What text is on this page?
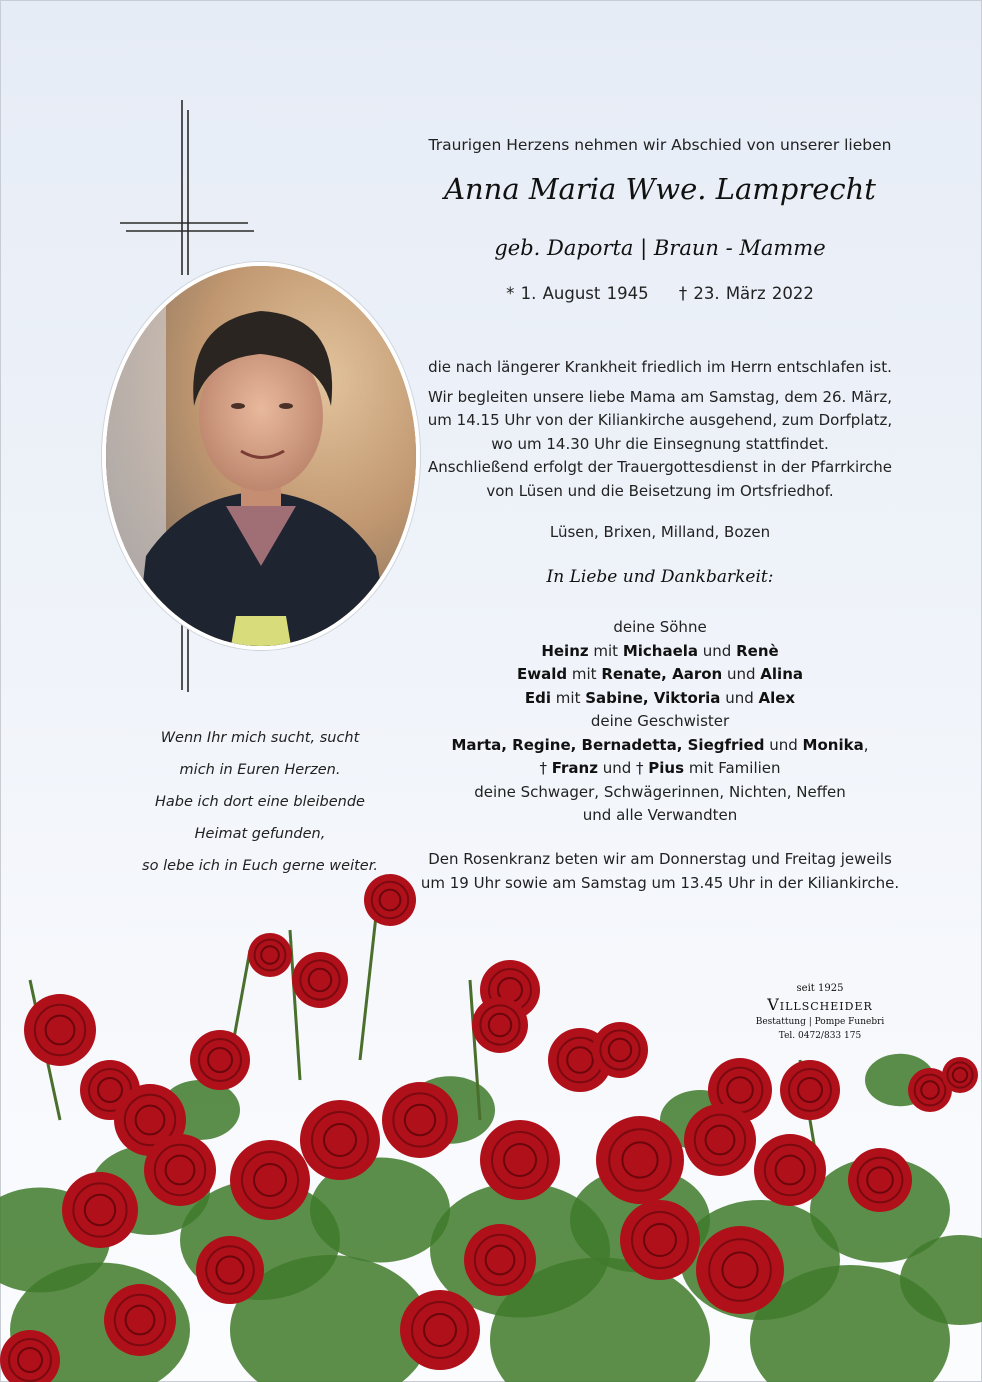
Traurigen Herzens nehmen wir Abschied von unserer lieben
Anna Maria Wwe. Lamprecht
geb. Daporta | Braun - Mamme
* 1. August 1945 † 23. März 2022

die nach längerer Krankheit friedlich im Herrn entschlafen ist.

Wir begleiten unsere liebe Mama am Samstag, dem 26. März,
um 14.15 Uhr von der Kiliankirche ausgehend, zum Dorfplatz,
wo um 14.30 Uhr die Einsegnung stattfindet.
Anschließend erfolgt der Trauergottesdienst in der Pfarrkirche
von Lüsen und die Beisetzung im Ortsfriedhof.

Lüsen, Brixen, Milland, Bozen
In Liebe und Dankbarkeit:
deine Söhne
Heinz mit Michaela und Renè
Ewald mit Renate, Aaron und Alina
Edi mit Sabine, Viktoria und Alex
deine Geschwister
Marta, Regine, Bernadetta, Siegfried und Monika,
† Franz und † Pius mit Familien
deine Schwager, Schwägerinnen, Nichten, Neffen
und alle Verwandten
Den Rosenkranz beten wir am Donnerstag und Freitag jeweils
um 19 Uhr sowie am Samstag um 13.45 Uhr in der Kiliankirche.
Wenn Ihr mich sucht, sucht
mich in Euren Herzen.
Habe ich dort eine bleibende
Heimat gefunden,
so lebe ich in Euch gerne weiter.
seit 1925
Villscheider
Bestattung | Pompe Funebri
Tel. 0472/833 175
